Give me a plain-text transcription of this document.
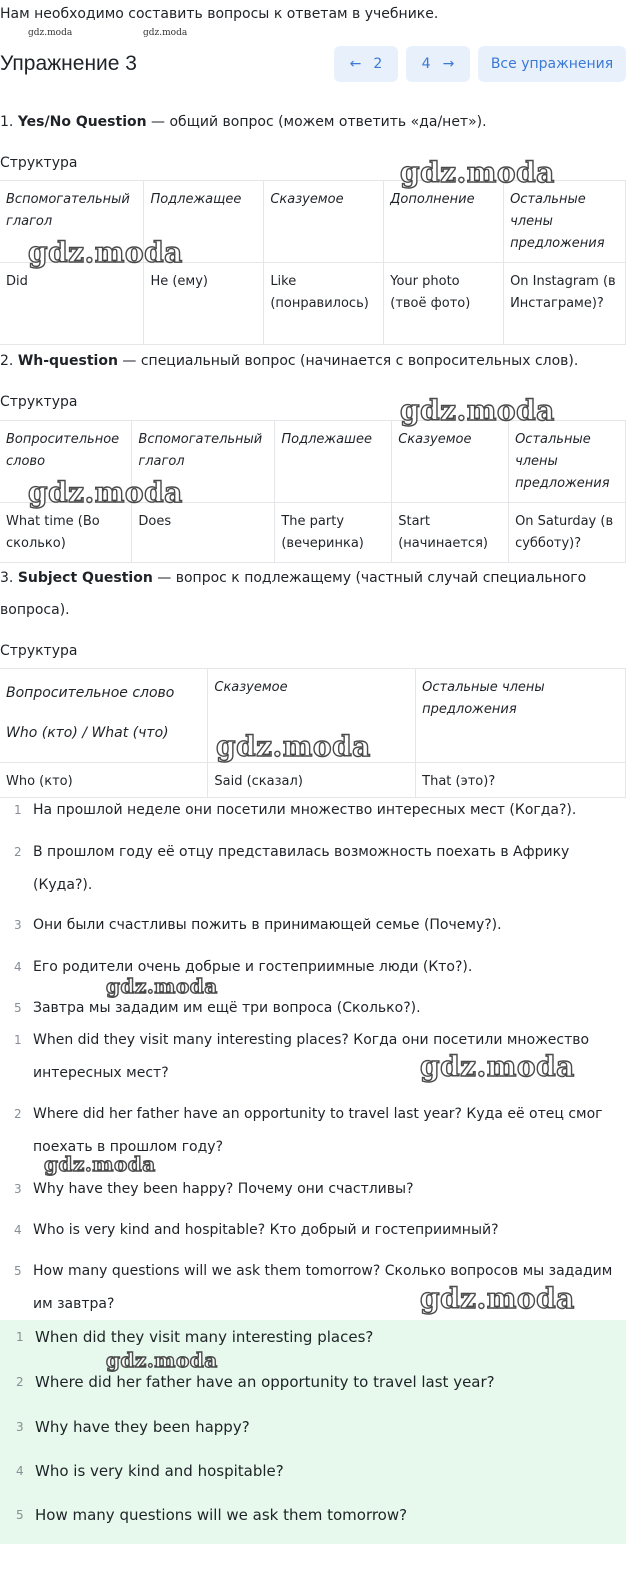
Нам необходимо составить вопросы к ответам в учебнике.
gdz.moda	gdz.moda
Упражнение 3	← 2	4 →	Все упражнения
1. Yes/No Question — общий вопрос (можем ответить «да/нет»).
Структура
Вспомогательный глагол	Подлежащее	Сказуемое	Дополнение	Остальные члены предложения
Did	He (ему)	Like (понравилось)	Your photo (твоё фото)	On Instagram (в Инстаграме)?
gdz.moda
gdz.moda
2. Wh-question — специальный вопрос (начинается с вопросительных слов).
Структура
Вопросительное слово	Вспомогательный глагол	Подлежашее	Сказуемое	Остальные члены предложения
What time (Во сколько)	Does	The party (вечеринка)	Start (начинается)	On Saturday (в субботу)?
gdz.moda
gdz.moda
3. Subject Question — вопрос к подлежащему (частный случай специального
вопроса).
Структура
Вопросительное слово
Who (кто) / What (что)	Сказуемое	Остальные члены предложения
Who (кто)	Said (сказал)	That (это)?
gdz.moda
1 На прошлой неделе они посетили множество интересных мест (Когда?).
2 В прошлом году её отцу представилась возможность поехать в Африку (Куда?).
3 Они были счастливы пожить в принимающей семье (Почему?).
4 Его родители очень добрые и гостеприимные люди (Кто?).
5 Завтра мы зададим им ещё три вопроса (Сколько?).
gdz.moda
1 When did they visit many interesting places? Когда они посетили множество интересных мест?
2 Where did her father have an opportunity to travel last year? Куда её отец смог поехать в прошлом году?
3 Why have they been happy? Почему они счастливы?
4 Who is very kind and hospitable? Кто добрый и гостеприимный?
5 How many questions will we ask them tomorrow? Сколько вопросов мы зададим им завтра?
gdz.moda
gdz.moda
gdz.moda
1 When did they visit many interesting places?
gdz.moda
2 Where did her father have an opportunity to travel last year?
3 Why have they been happy?
4 Who is very kind and hospitable?
5 How many questions will we ask them tomorrow?
